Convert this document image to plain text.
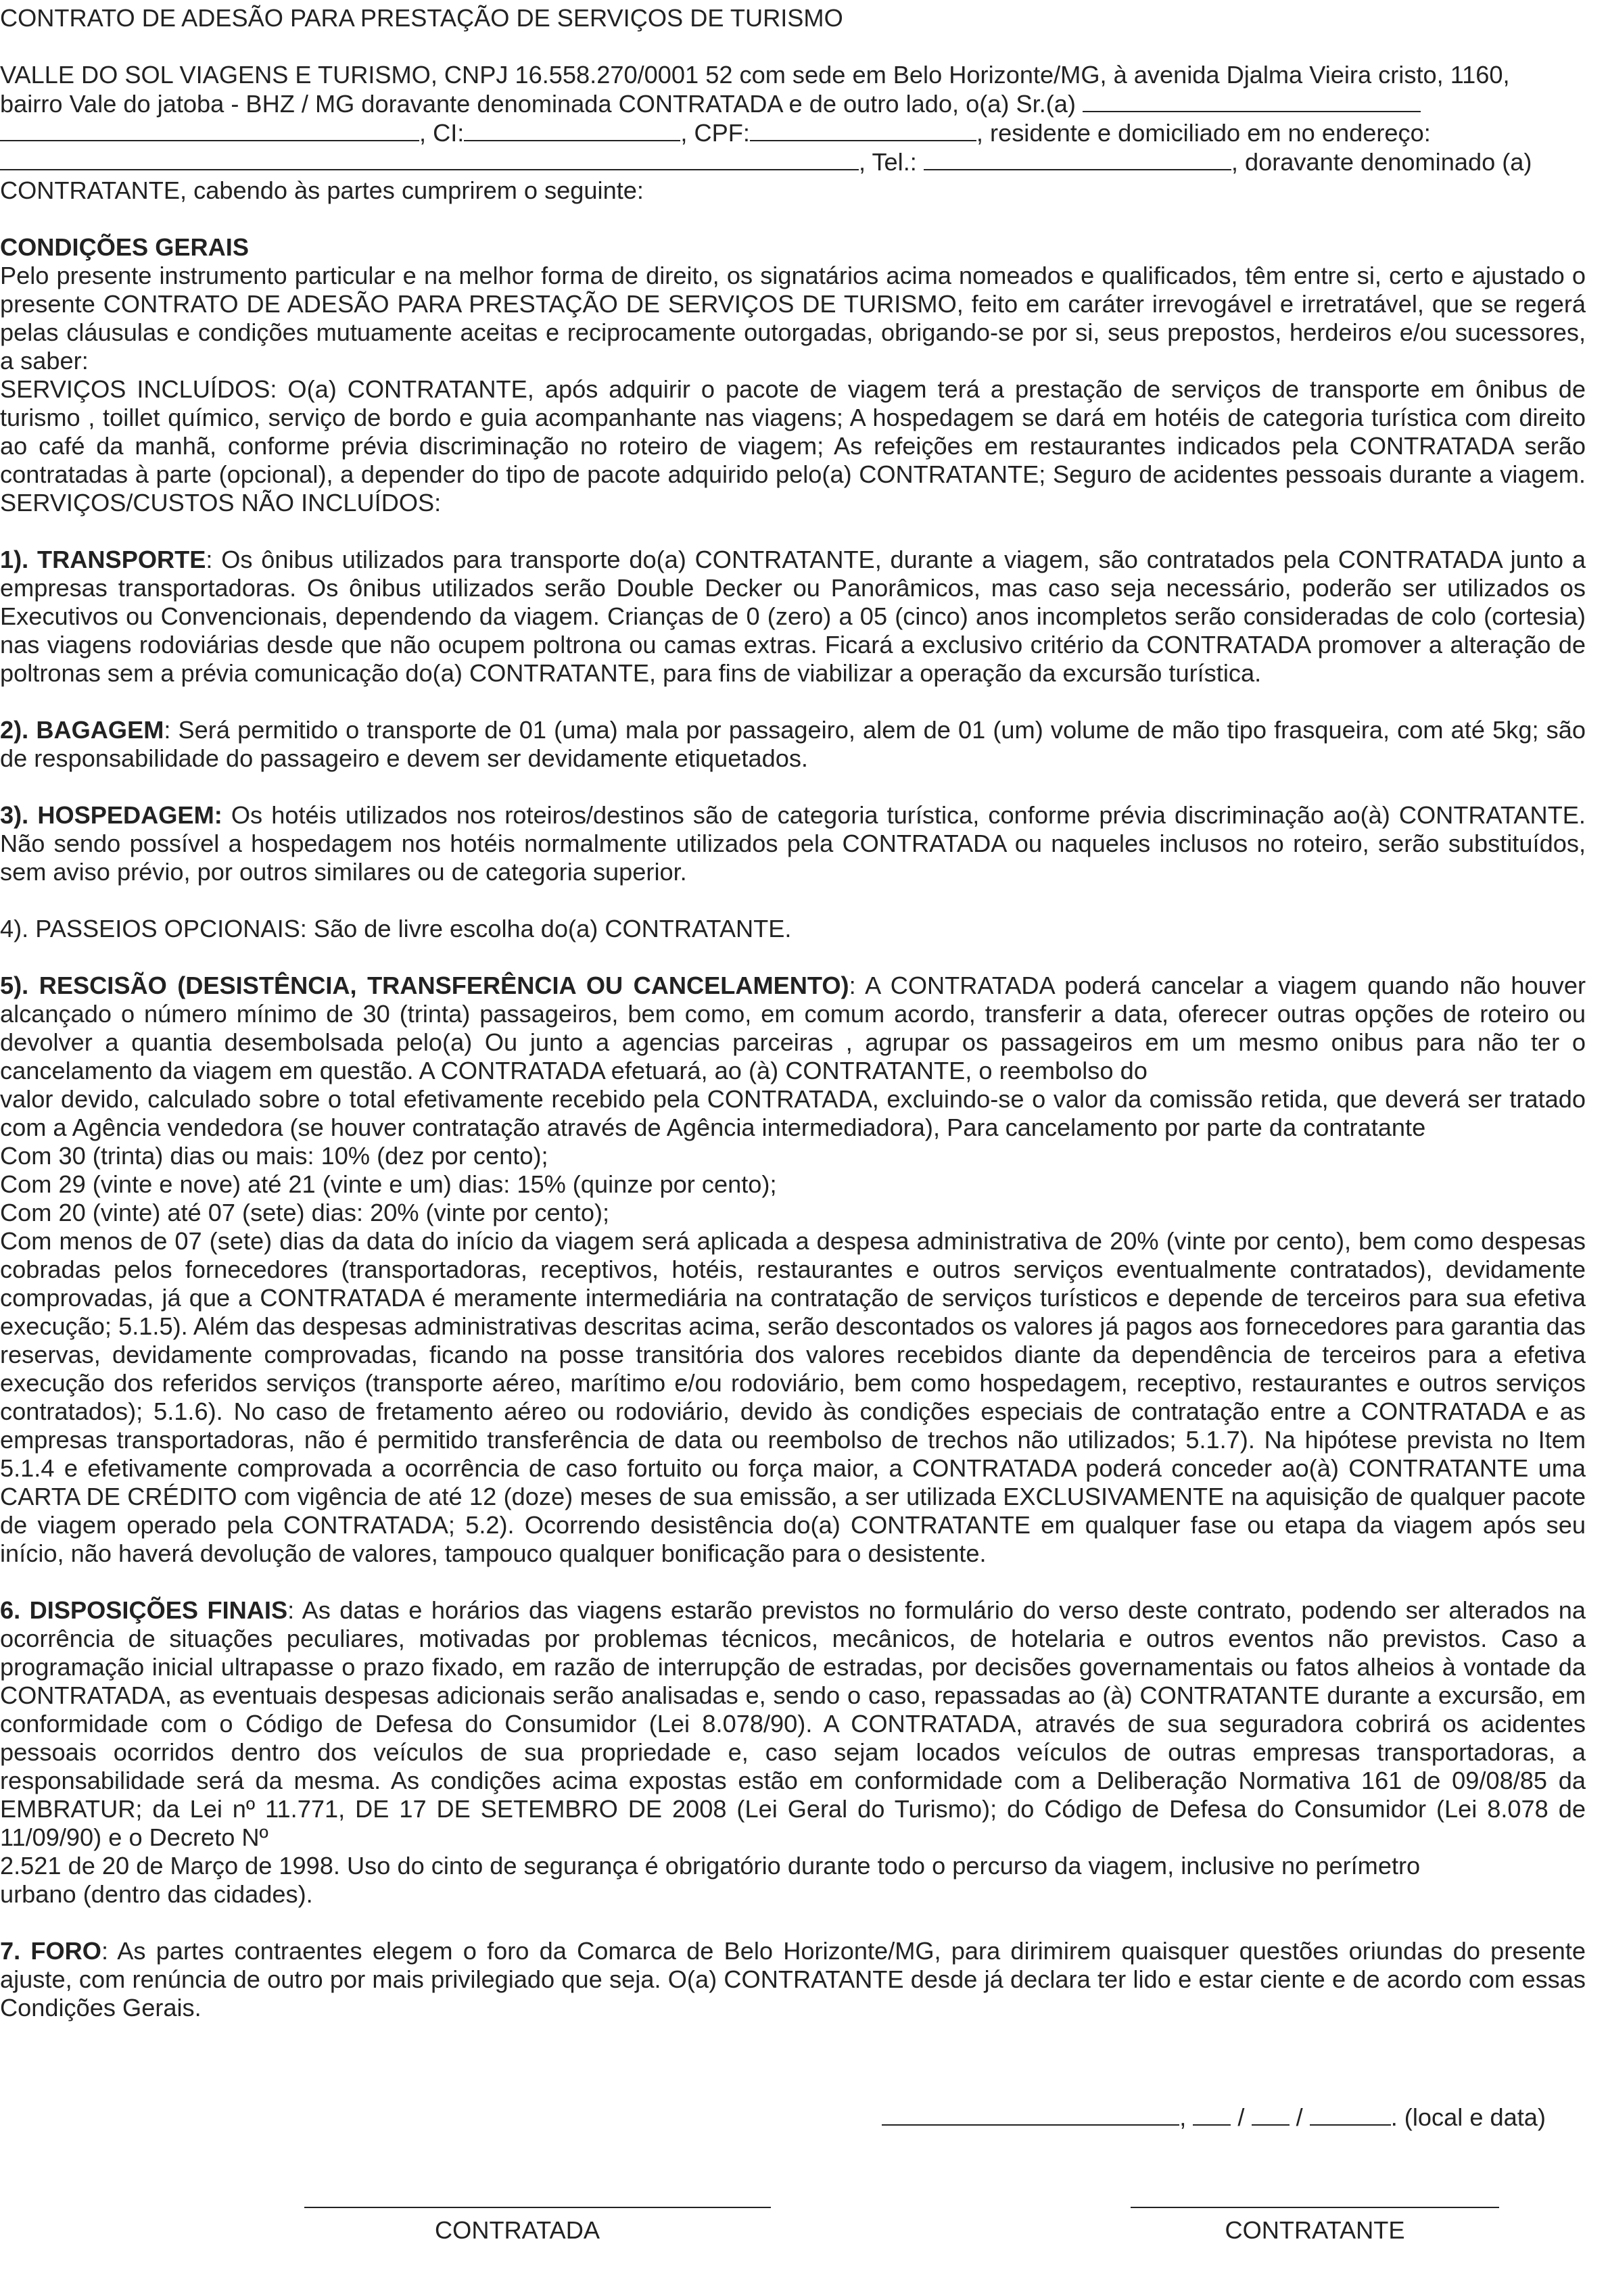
CONTRATO DE ADESÃO PARA PRESTAÇÃO DE SERVIÇOS DE TURISMO

VALLE DO SOL VIAGENS E TURISMO, CNPJ 16.558.270/0001 52 com sede em Belo Horizonte/MG, à avenida Djalma Vieira cristo, 1160,

bairro Vale do jatoba - BHZ / MG doravante denominada CONTRATADA e de outro lado, o(a) Sr.(a)

, CI:	, CPF:	, residente e domiciliado em no endereço:

, Tel.:	, doravante denominado (a)

CONTRATANTE, cabendo às partes cumprirem o seguinte:

CONDIÇÕES GERAIS

Pelo presente instrumento particular e na melhor forma de direito, os signatários acima nomeados e qualificados, têm entre si, certo e ajustado o presente CONTRATO DE ADESÃO PARA PRESTAÇÃO DE SERVIÇOS DE TURISMO, feito em caráter irrevogável e irretratável, que se regerá pelas cláusulas e condições mutuamente aceitas e reciprocamente outorgadas, obrigando-se por si, seus prepostos, herdeiros e/ou sucessores, a saber:

SERVIÇOS INCLUÍDOS: O(a) CONTRATANTE, após adquirir o pacote de viagem terá a prestação de serviços de transporte em ônibus de turismo , toillet químico, serviço de bordo e guia acompanhante nas viagens; A hospedagem se dará em hotéis de categoria turística com direito ao café da manhã, conforme prévia discriminação no roteiro de viagem; As refeições em restaurantes indicados pela CONTRATADA serão contratadas à parte (opcional), a depender do tipo de pacote adquirido pelo(a) CONTRATANTE; Seguro de acidentes pessoais durante a viagem. SERVIÇOS/CUSTOS NÃO INCLUÍDOS:

1). TRANSPORTE: Os ônibus utilizados para transporte do(a) CONTRATANTE, durante a viagem, são contratados pela CONTRATADA junto a empresas transportadoras. Os ônibus utilizados serão Double Decker ou Panorâmicos, mas caso seja necessário, poderão ser utilizados os Executivos ou Convencionais, dependendo da viagem. Crianças de 0 (zero) a 05 (cinco) anos incompletos serão consideradas de colo (cortesia) nas viagens rodoviárias desde que não ocupem poltrona ou camas extras. Ficará a exclusivo critério da CONTRATADA promover a alteração de poltronas sem a prévia comunicação do(a) CONTRATANTE, para fins de viabilizar a operação da excursão turística.

2). BAGAGEM: Será permitido o transporte de 01 (uma) mala por passageiro, alem de 01 (um) volume de mão tipo frasqueira, com até 5kg; são de responsabilidade do passageiro e devem ser devidamente etiquetados.

3). HOSPEDAGEM: Os hotéis utilizados nos roteiros/destinos são de categoria turística, conforme prévia discriminação ao(à) CONTRATANTE. Não sendo possível a hospedagem nos hotéis normalmente utilizados pela CONTRATADA ou naqueles inclusos no roteiro, serão substituídos, sem aviso prévio, por outros similares ou de categoria superior.

4). PASSEIOS OPCIONAIS: São de livre escolha do(a) CONTRATANTE.

5). RESCISÃO (DESISTÊNCIA, TRANSFERÊNCIA OU CANCELAMENTO): A CONTRATADA poderá cancelar a viagem quando não houver alcançado o número mínimo de 30 (trinta) passageiros, bem como, em comum acordo, transferir a data, oferecer outras opções de roteiro ou devolver a quantia desembolsada pelo(a) Ou junto a agencias parceiras , agrupar os passageiros em um mesmo onibus para não ter o cancelamento da viagem em questão. A CONTRATADA efetuará, ao (à) CONTRATANTE, o reembolso do

valor devido, calculado sobre o total efetivamente recebido pela CONTRATADA, excluindo-se o valor da comissão retida, que deverá ser tratado com a Agência vendedora (se houver contratação através de Agência intermediadora), Para cancelamento por parte da contratante

Com 30 (trinta) dias ou mais: 10% (dez por cento);

Com 29 (vinte e nove) até 21 (vinte e um) dias: 15% (quinze por cento);

Com 20 (vinte) até 07 (sete) dias: 20% (vinte por cento);

Com menos de 07 (sete) dias da data do início da viagem será aplicada a despesa administrativa de 20% (vinte por cento), bem como despesas cobradas pelos fornecedores (transportadoras, receptivos, hotéis, restaurantes e outros serviços eventualmente contratados), devidamente comprovadas, já que a CONTRATADA é meramente intermediária na contratação de serviços turísticos e depende de terceiros para sua efetiva execução; 5.1.5). Além das despesas administrativas descritas acima, serão descontados os valores já pagos aos fornecedores para garantia das reservas, devidamente comprovadas, ficando na posse transitória dos valores recebidos diante da dependência de terceiros para a efetiva execução dos referidos serviços (transporte aéreo, marítimo e/ou rodoviário, bem como hospedagem, receptivo, restaurantes e outros serviços contratados); 5.1.6). No caso de fretamento aéreo ou rodoviário, devido às condições especiais de contratação entre a CONTRATADA e as empresas transportadoras, não é permitido transferência de data ou reembolso de trechos não utilizados; 5.1.7). Na hipótese prevista no Item 5.1.4 e efetivamente comprovada a ocorrência de caso fortuito ou força maior, a CONTRATADA poderá conceder ao(à) CONTRATANTE uma CARTA DE CRÉDITO com vigência de até 12 (doze) meses de sua emissão, a ser utilizada EXCLUSIVAMENTE na aquisição de qualquer pacote de viagem operado pela CONTRATADA; 5.2). Ocorrendo desistência do(a) CONTRATANTE em qualquer fase ou etapa da viagem após seu início, não haverá devolução de valores, tampouco qualquer bonificação para o desistente.

6. DISPOSIÇÕES FINAIS: As datas e horários das viagens estarão previstos no formulário do verso deste contrato, podendo ser alterados na ocorrência de situações peculiares, motivadas por problemas técnicos, mecânicos, de hotelaria e outros eventos não previstos. Caso a programação inicial ultrapasse o prazo fixado, em razão de interrupção de estradas, por decisões governamentais ou fatos alheios à vontade da CONTRATADA, as eventuais despesas adicionais serão analisadas e, sendo o caso, repassadas ao (à) CONTRATANTE durante a excursão, em conformidade com o Código de Defesa do Consumidor (Lei 8.078/90). A CONTRATADA, através de sua seguradora cobrirá os acidentes pessoais ocorridos dentro dos veículos de sua propriedade e, caso sejam locados veículos de outras empresas transportadoras, a responsabilidade será da mesma. As condições acima expostas estão em conformidade com a Deliberação Normativa 161 de 09/08/85 da EMBRATUR; da Lei nº 11.771, DE 17 DE SETEMBRO DE 2008 (Lei Geral do Turismo); do Código de Defesa do Consumidor (Lei 8.078 de 11/09/90) e o Decreto Nº

2.521 de 20 de Março de 1998. Uso do cinto de segurança é obrigatório durante todo o percurso da viagem, inclusive no perímetro

urbano (dentro das cidades).

7. FORO: As partes contraentes elegem o foro da Comarca de Belo Horizonte/MG, para dirimirem quaisquer questões oriundas do presente ajuste, com renúncia de outro por mais privilegiado que seja. O(a) CONTRATANTE desde já declara ter lido e estar ciente e de acordo com essas Condições Gerais.

, / /	. (local e data)
CONTRATADA	CONTRATANTE
